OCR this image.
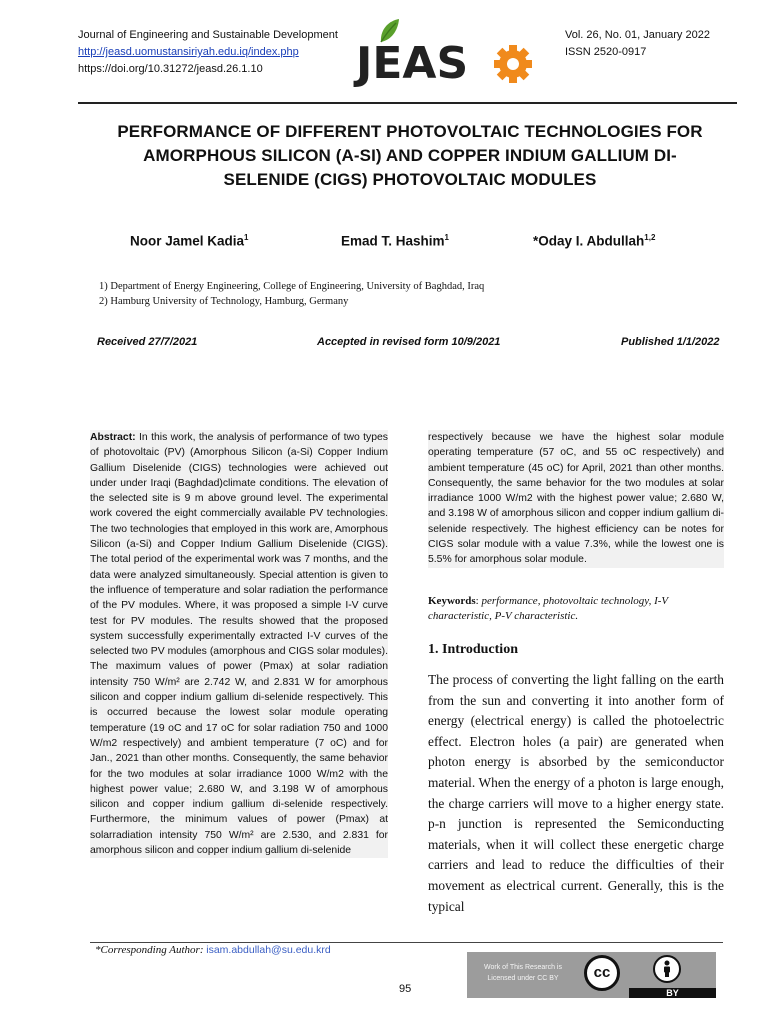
Journal of Engineering and Sustainable Development
http://jeasd.uomustansiriyah.edu.iq/index.php
https://doi.org/10.31272/jeasd.26.1.10	JEAS
Vol. 26, No. 01, January 2022
ISSN 2520-0917
PERFORMANCE OF DIFFERENT PHOTOVOLTAIC TECHNOLOGIES FOR
AMORPHOUS SILICON (A-SI) AND COPPER INDIUM GALLIUM DI-
SELENIDE (CIGS) PHOTOVOLTAIC MODULES
Noor Jamel Kadia$^1$	Emad T. Hashim$^1$	*Oday I. Abdullah$^{1,2}$
1) Department of Energy Engineering, College of Engineering, University of Baghdad, Iraq
2) Hamburg University of Technology, Hamburg, Germany
Received 27/7/2021	Accepted in revised form 10/9/2021	Published 1/1/2022
Abstract: In this work, the analysis of performance of two types of photovoltaic (PV) (Amorphous Silicon (a-Si) Copper Indium Gallium Diselenide (CIGS) technologies were achieved out under under Iraqi (Baghdad)climate conditions. The elevation of the selected site is 9 m above ground level. The experimental work covered the eight commercially available PV technologies. The two technologies that employed in this work are, Amorphous Silicon (a-Si) and Copper Indium Gallium Diselenide (CIGS). The total period of the experimental work was 7 months, and the data were analyzed simultaneously. Special attention is given to the influence of temperature and solar radiation the performance of the PV modules. Where, it was proposed a simple I-V curve test for PV modules. The results showed that the proposed system successfully experimentally extracted I-V curves of the selected two PV modules (amorphous and CIGS solar modules). The maximum values of power (Pmax) at solar radiation intensity 750 W/m² are 2.742 W, and 2.831 W for amorphous silicon and copper indium gallium di-selenide respectively. This is occurred because the lowest solar module operating temperature (19 oC and 17 oC for solar radiation 750 and 1000 W/m2 respectively) and ambient temperature (7 oC) and for Jan., 2021 than other months. Consequently, the same behavior for the two modules at solar irradiance 1000 W/m2 with the highest power value; 2.680 W, and 3.198 W of amorphous silicon and copper indium gallium di-selenide respectively. Furthermore, the minimum values of power (Pmax) at solarradiation intensity 750 W/m² are 2.530, and 2.831 for amorphous silicon and copper indium gallium di-selenide
respectively because we have the highest solar module operating temperature (57 oC, and 55 oC respectively) and ambient temperature (45 oC) for April, 2021 than other months. Consequently, the same behavior for the two modules at solar irradiance 1000 W/m2 with the highest power value; 2.680 W, and 3.198 W of amorphous silicon and copper indium gallium di-selenide respectively. The highest efficiency can be notes for CIGS solar module with a value 7.3%, while the lowest one is 5.5% for amorphous solar module.
Keywords: performance, photovoltaic technology, I-V characteristic, P-V characteristic.
1. Introduction
The process of converting the light falling on the earth from the sun and converting it into another form of energy (electrical energy) is called the photoelectric effect. Electron holes (a pair) are generated when photon energy is absorbed by the semiconductor material. When the energy of a photon is large enough, the charge carriers will move to a higher energy state. p-n junction is represented the Semiconducting materials, when it will collect these energetic charge carriers and lead to reduce the difficulties of their movement as electrical current. Generally, this is the typical
*Corresponding Author: isam.abdullah@su.edu.krd
95
Work of This Research is Licensed under CC BY	cc
BY
